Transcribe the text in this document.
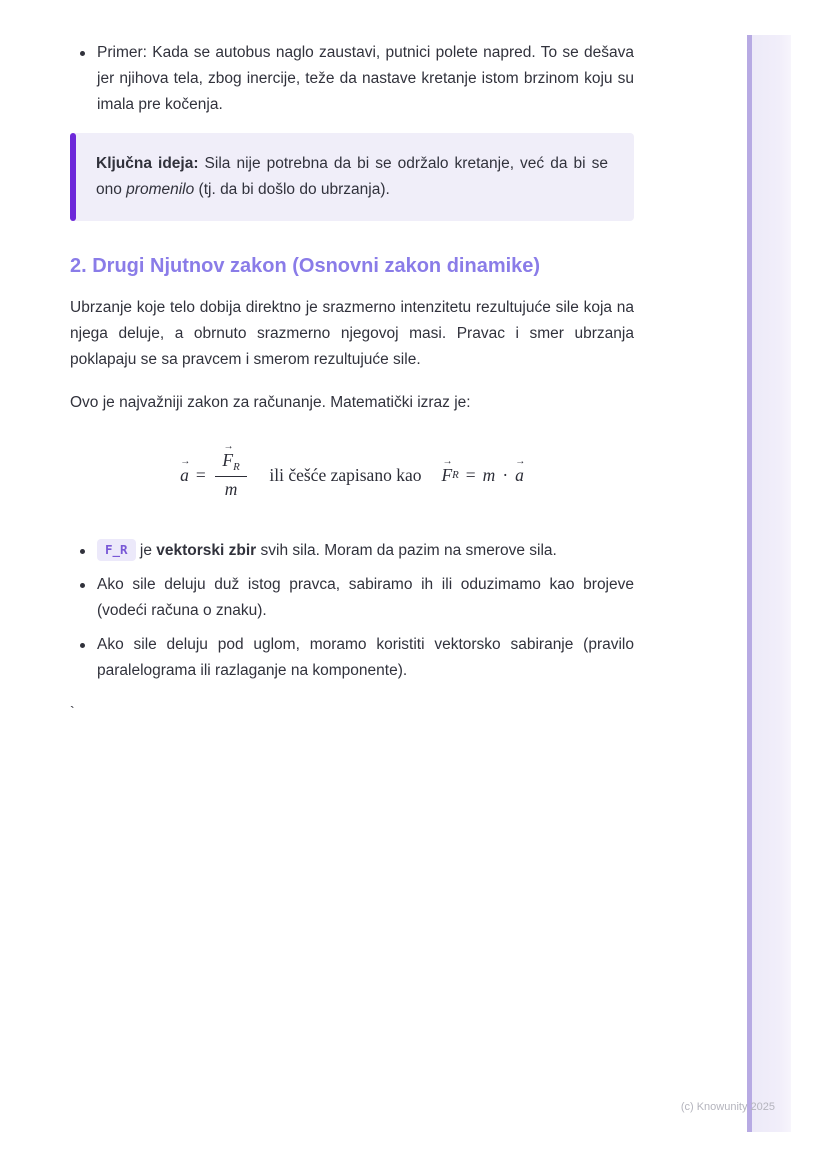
Primer: Kada se autobus naglo zaustavi, putnici polete napred. To se dešava jer njihova tela, zbog inercije, teže da nastave kretanje istom brzinom koju su imala pre kočenja.
Ključna ideja: Sila nije potrebna da bi se održalo kretanje, već da bi se ono promenilo (tj. da bi došlo do ubrzanja).
2. Drugi Njutnov zakon (Osnovni zakon dinamike)
Ubrzanje koje telo dobija direktno je srazmerno intenzitetu rezultujuće sile koja na njega deluje, a obrnuto srazmerno njegovoj masi. Pravac i smer ubrzanja poklapaju se sa pravcem i smerom rezultujuće sile.
Ovo je najvažniji zakon za računanje. Matematički izraz je:
→
a = →
$F_R$
m ili češće zapisano kao
→
F R = m ·
→
a
F_R je vektorski zbir svih sila. Moram da pazim na smerove sila.
Ako sile deluju duž istog pravca, sabiramo ih ili oduzimamo kao brojeve (vodeći računa o znaku).
Ako sile deluju pod uglom, moramo koristiti vektorsko sabiranje (pravilo paralelograma ili razlaganje na komponente).
`
(c) Knowunity 2025
